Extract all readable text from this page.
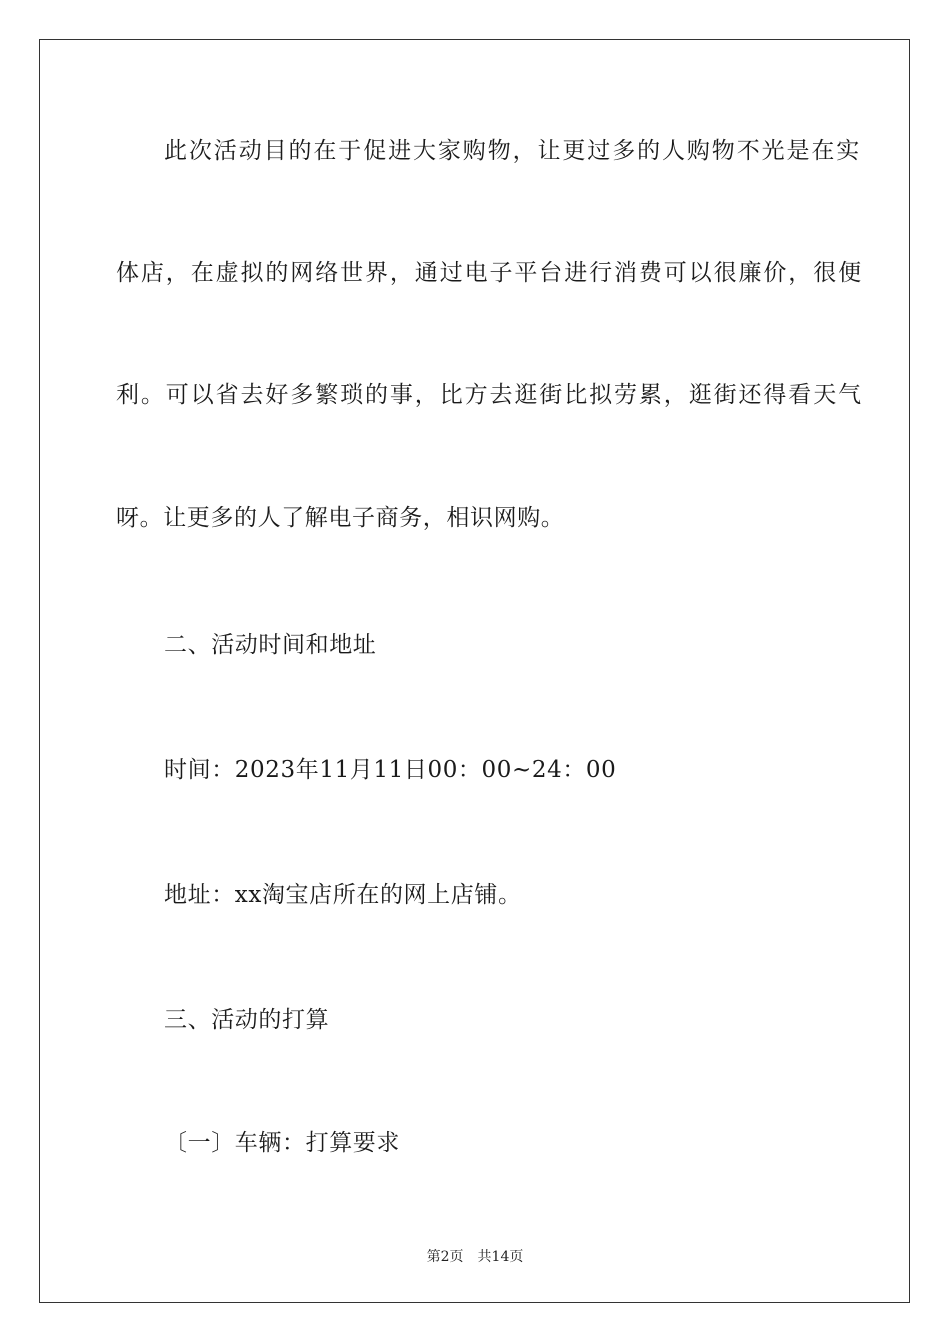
此次活动目的在于促进大家购物，让更过多的人购物不光是在实
体店，在虚拟的网络世界，通过电子平台进行消费可以很廉价，很便
利。可以省去好多繁琐的事，比方去逛街比拟劳累，逛街还得看天气
呀。让更多的人了解电子商务，相识网购。
二、活动时间和地址
时间：2023年11月11日00：00~24：00
地址：xx淘宝店所在的网上店铺。
三、活动的打算
〔一〕车辆：打算要求
第2页 共14页
